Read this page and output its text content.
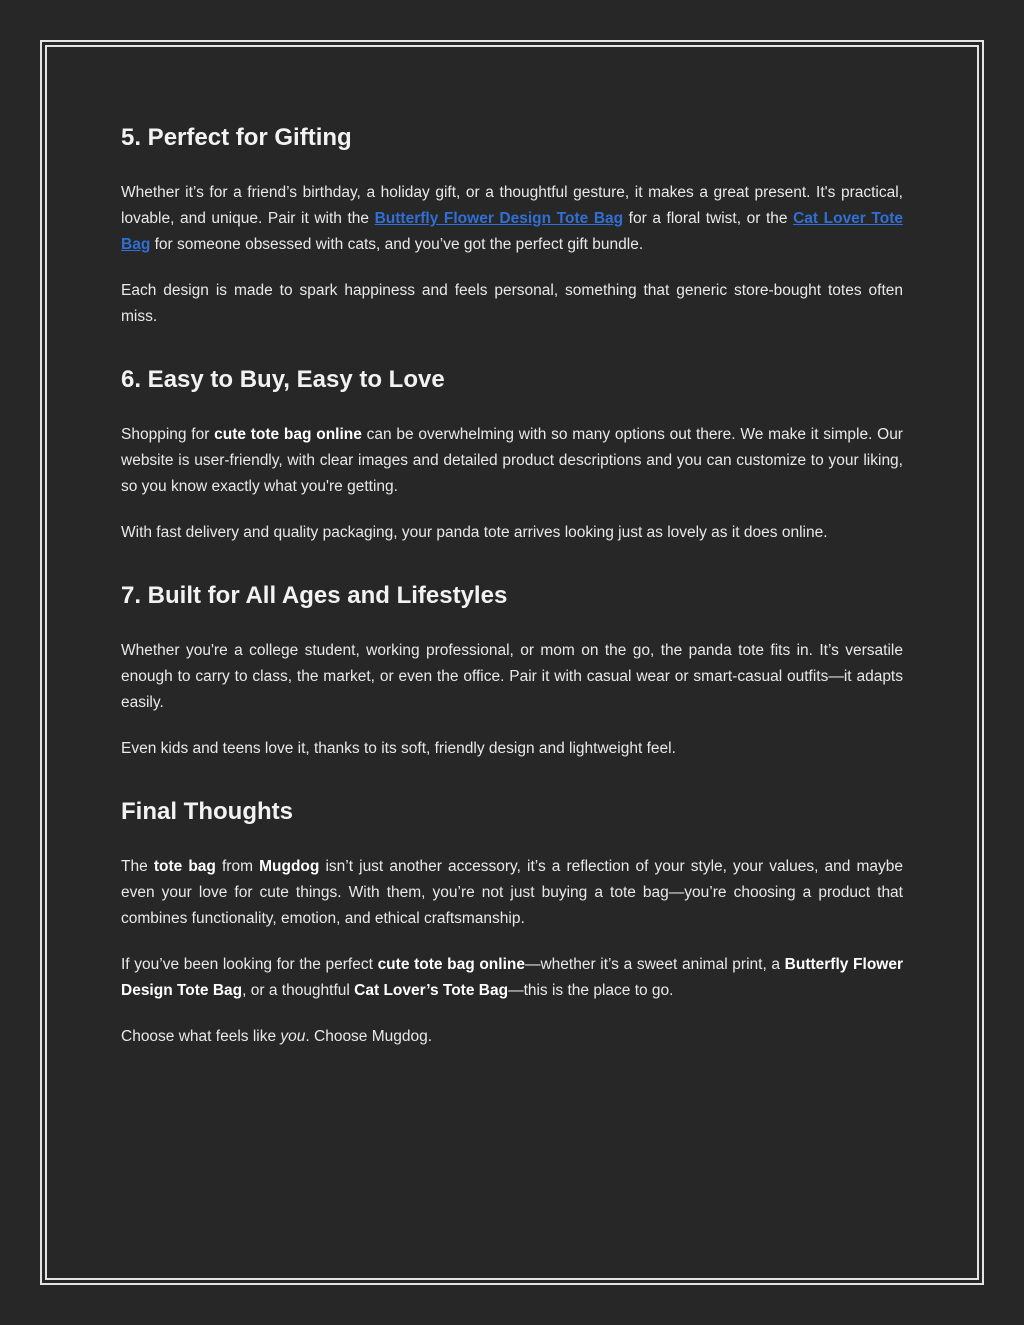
5. Perfect for Gifting

Whether it’s for a friend’s birthday, a holiday gift, or a thoughtful gesture, it makes a great present. It's practical, lovable, and unique. Pair it with the Butterfly Flower Design Tote Bag for a floral twist, or the Cat Lover Tote Bag for someone obsessed with cats, and you’ve got the perfect gift bundle.

Each design is made to spark happiness and feels personal, something that generic store-bought totes often miss.

6. Easy to Buy, Easy to Love

Shopping for cute tote bag online can be overwhelming with so many options out there. We make it simple. Our website is user-friendly, with clear images and detailed product descriptions and you can customize to your liking, so you know exactly what you're getting.

With fast delivery and quality packaging, your panda tote arrives looking just as lovely as it does online.

7. Built for All Ages and Lifestyles

Whether you're a college student, working professional, or mom on the go, the panda tote fits in. It’s versatile enough to carry to class, the market, or even the office. Pair it with casual wear or smart-casual outfits—it adapts easily.

Even kids and teens love it, thanks to its soft, friendly design and lightweight feel.

Final Thoughts

The tote bag from Mugdog isn’t just another accessory, it’s a reflection of your style, your values, and maybe even your love for cute things. With them, you’re not just buying a tote bag—you’re choosing a product that combines functionality, emotion, and ethical craftsmanship.

If you’ve been looking for the perfect cute tote bag online—whether it’s a sweet animal print, a Butterfly Flower Design Tote Bag, or a thoughtful Cat Lover’s Tote Bag—this is the place to go.

Choose what feels like you. Choose Mugdog.
